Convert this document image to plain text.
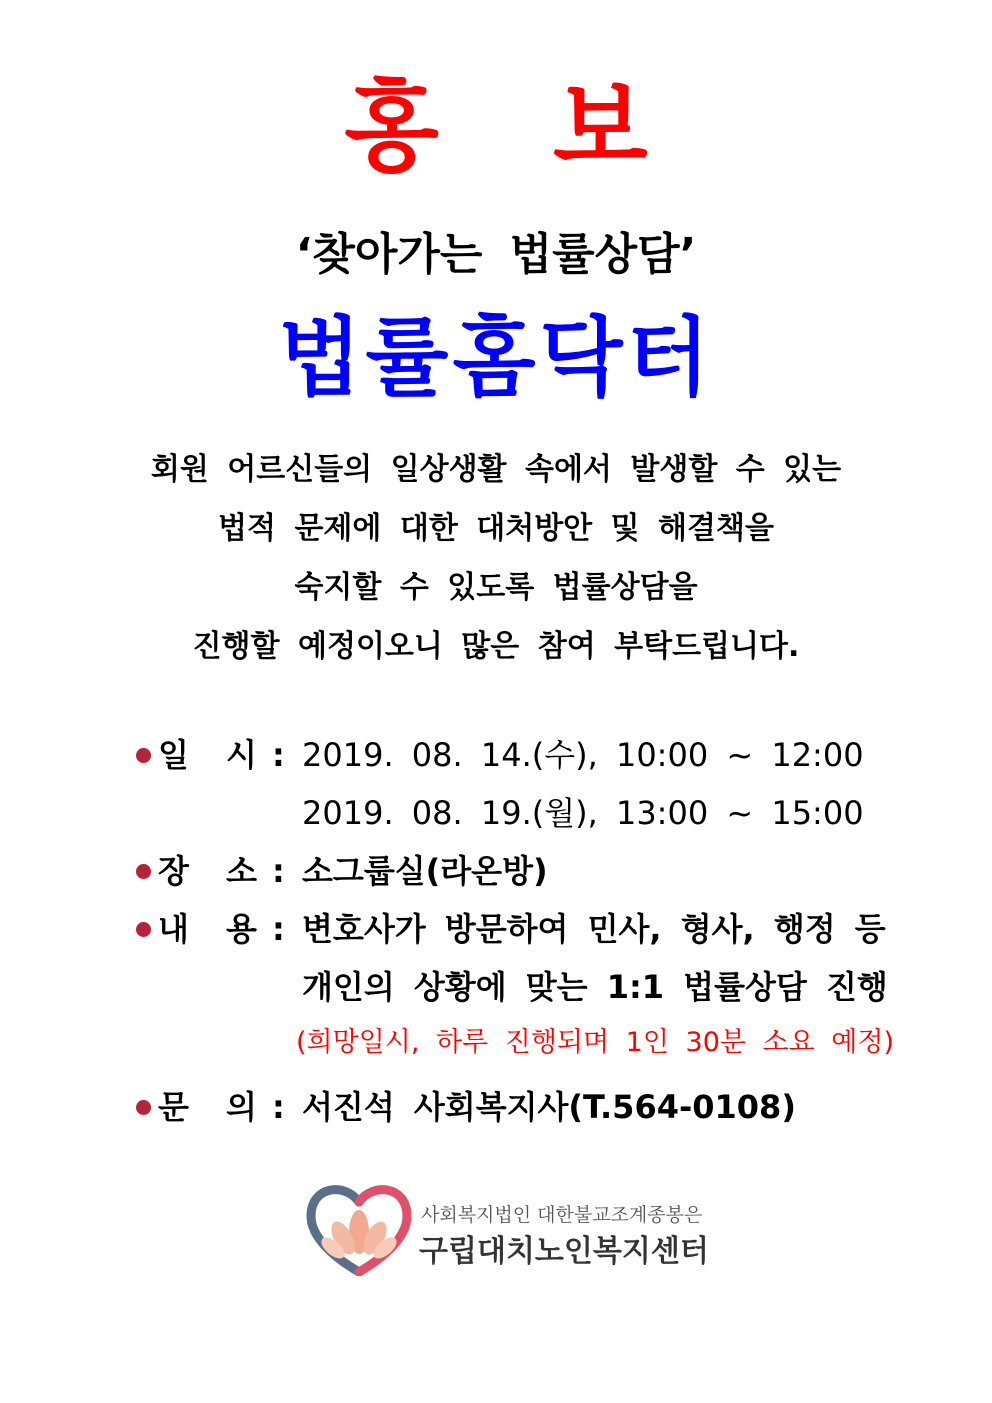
홍 보
‘찾아가는 법률상담’
법률홈닥터
회원 어르신들의 일상생활 속에서 발생할 수 있는
법적 문제에 대한 대처방안 및 해결책을
숙지할 수 있도록 법률상담을
진행할 예정이오니 많은 참여 부탁드립니다.
일 시 : 2019. 08. 14.(수), 10:00 ~ 12:00
2019. 08. 19.(월), 13:00 ~ 15:00
장 소 : 소그룹실(라온방)
내 용 : 변호사가 방문하여 민사, 형사, 행정 등
개인의 상황에 맞는 1:1 법률상담 진행
(희망일시, 하루 진행되며 1인 30분 소요 예정)
문 의 : 서진석 사회복지사(T.564-0108)
사회복지법인 대한불교조계종봉은
구립대치노인복지센터
